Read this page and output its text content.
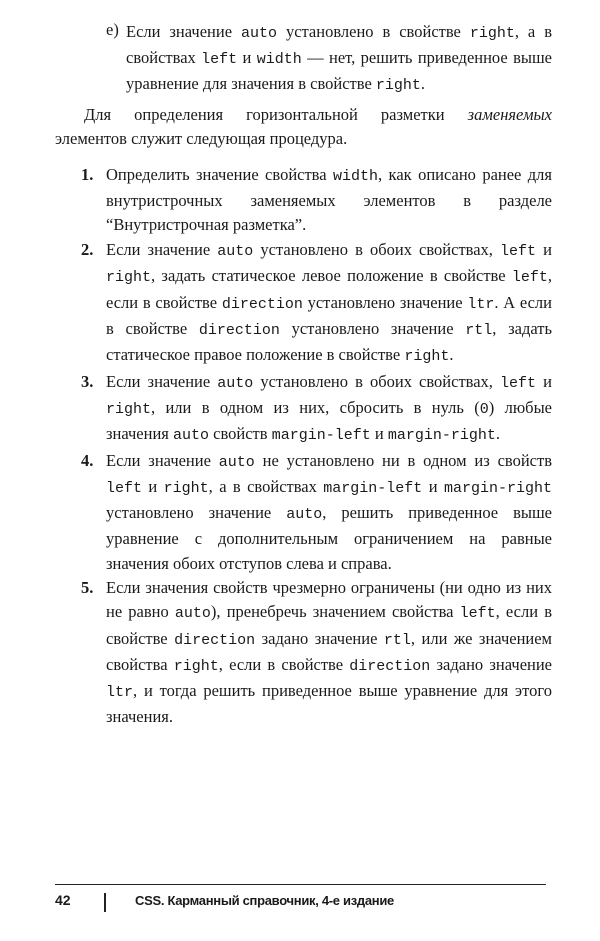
e) Если значение auto установлено в свойстве right, а в свойствах left и width — нет, решить приведенное выше уравнение для значения в свойстве right.

Для определения горизонтальной разметки заменяемых элементов служит следующая процедура.

1. Определить значение свойства width, как описано ранее для внутристрочных заменяемых элементов в разделе “Внутристрочная разметка”.
2. Если значение auto установлено в обоих свойствах, left и right, задать статическое левое положение в свойстве left, если в свойстве direction установлено значение ltr. А если в свойстве direction установлено значение rtl, задать статическое правое положение в свойстве right.
3. Если значение auto установлено в обоих свойствах, left и right, или в одном из них, сбросить в нуль (0) любые значения auto свойств margin-left и margin-right.
4. Если значение auto не установлено ни в одном из свойств left и right, а в свойствах margin-left и margin-right установлено значение auto, решить приведенное выше уравнение с дополнительным ограничением на равные значения обоих отступов слева и справа.
5. Если значения свойств чрезмерно ограничены (ни одно из них не равно auto), пренебречь значением свойства left, если в свойстве direction задано значение rtl, или же значением свойства right, если в свойстве direction задано значение ltr, и тогда решить приведенное выше уравнение для этого значения.
42	CSS. Карманный справочник, 4-е издание
